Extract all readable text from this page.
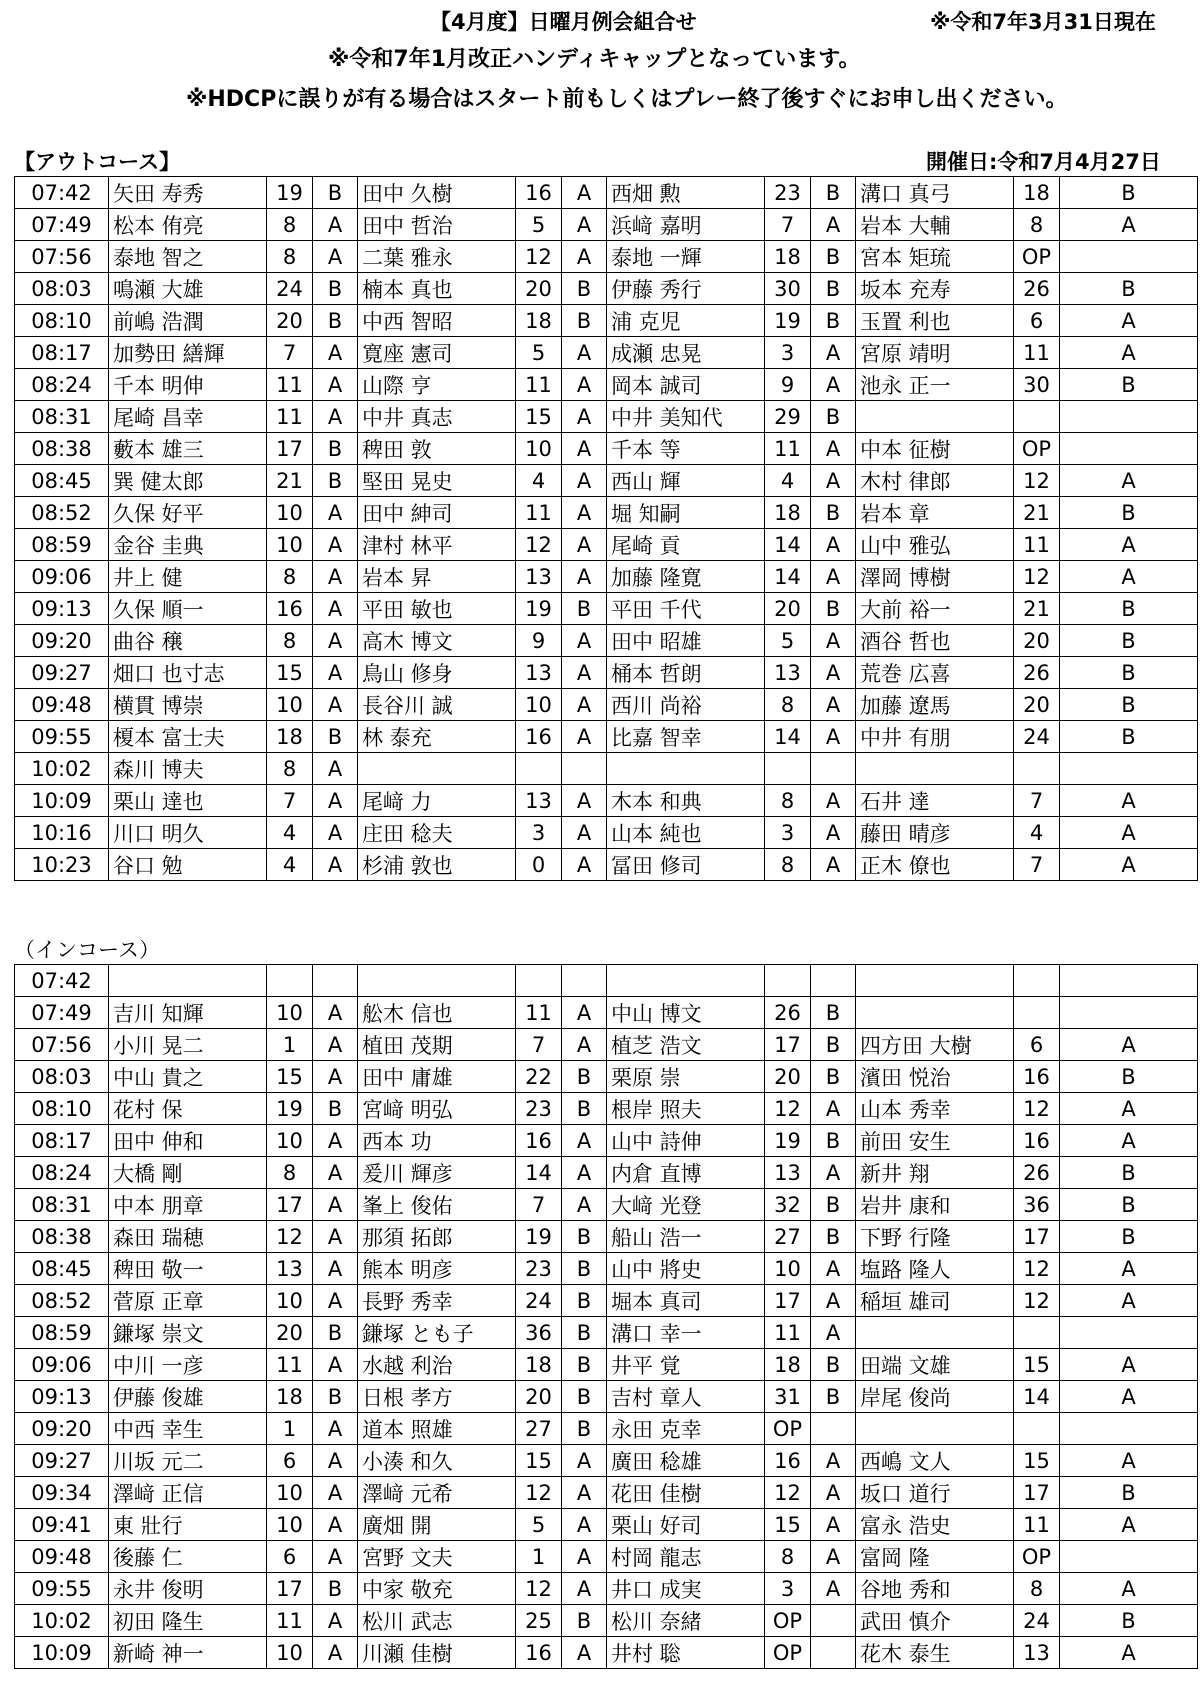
【4月度】日曜月例会組合せ	※令和7年3月31日現在
※令和7年1月改正ハンディキャップとなっています。
※HDCPに誤りが有る場合はスタート前もしくはプレー終了後すぐにお申し出ください。
【アウトコース】	開催日:令和7月4月27日
07:42	矢田 寿秀	19	B	田中 久樹	16	A	西畑 勲	23	B	溝口 真弓	18	B
07:49	松本 侑亮	8	A	田中 哲治	5	A	浜﨑 嘉明	7	A	岩本 大輔	8	A
07:56	泰地 智之	8	A	二葉 雅永	12	A	泰地 一輝	18	B	宮本 矩琉	OP	
08:03	鳴瀬 大雄	24	B	楠本 真也	20	B	伊藤 秀行	30	B	坂本 充寿	26	B
08:10	前嶋 浩潤	20	B	中西 智昭	18	B	浦 克児	19	B	玉置 利也	6	A
08:17	加勢田 繕輝	7	A	寛座 憲司	5	A	成瀬 忠晃	3	A	宮原 靖明	11	A
08:24	千本 明伸	11	A	山際 亨	11	A	岡本 誠司	9	A	池永 正一	30	B
08:31	尾崎 昌幸	11	A	中井 真志	15	A	中井 美知代	29	B			
08:38	藪本 雄三	17	B	稗田 敦	10	A	千本 等	11	A	中本 征樹	OP	
08:45	巽 健太郎	21	B	堅田 晃史	4	A	西山 輝	4	A	木村 律郎	12	A
08:52	久保 好平	10	A	田中 紳司	11	A	堀 知嗣	18	B	岩本 章	21	B
08:59	金谷 圭典	10	A	津村 林平	12	A	尾崎 貢	14	A	山中 雅弘	11	A
09:06	井上 健	8	A	岩本 昇	13	A	加藤 隆寛	14	A	澤岡 博樹	12	A
09:13	久保 順一	16	A	平田 敏也	19	B	平田 千代	20	B	大前 裕一	21	B
09:20	曲谷 穣	8	A	高木 博文	9	A	田中 昭雄	5	A	酒谷 哲也	20	B
09:27	畑口 也寸志	15	A	鳥山 修身	13	A	桶本 哲朗	13	A	荒巻 広喜	26	B
09:48	横貫 博崇	10	A	長谷川 誠	10	A	西川 尚裕	8	A	加藤 遼馬	20	B
09:55	榎本 富士夫	18	B	林 泰充	16	A	比嘉 智幸	14	A	中井 有朋	24	B
10:02	森川 博夫	8	A									
10:09	栗山 達也	7	A	尾﨑 力	13	A	木本 和典	8	A	石井 達	7	A
10:16	川口 明久	4	A	庄田 稔夫	3	A	山本 純也	3	A	藤田 晴彦	4	A
10:23	谷口 勉	4	A	杉浦 敦也	0	A	冨田 修司	8	A	正木 僚也	7	A
（インコース）
07:42												
07:49	吉川 知輝	10	A	舩木 信也	11	A	中山 博文	26	B			
07:56	小川 晃二	1	A	植田 茂期	7	A	植芝 浩文	17	B	四方田 大樹	6	A
08:03	中山 貴之	15	A	田中 庸雄	22	B	栗原 崇	20	B	濱田 悦治	16	B
08:10	花村 保	19	B	宮﨑 明弘	23	B	根岸 照夫	12	A	山本 秀幸	12	A
08:17	田中 伸和	10	A	西本 功	16	A	山中 詩伸	19	B	前田 安生	16	A
08:24	大橋 剛	8	A	爰川 輝彦	14	A	内倉 直博	13	A	新井 翔	26	B
08:31	中本 朋章	17	A	峯上 俊佑	7	A	大﨑 光登	32	B	岩井 康和	36	B
08:38	森田 瑞穂	12	A	那須 拓郎	19	B	船山 浩一	27	B	下野 行隆	17	B
08:45	稗田 敬一	13	A	熊本 明彦	23	B	山中 將史	10	A	塩路 隆人	12	A
08:52	菅原 正章	10	A	長野 秀幸	24	B	堀本 真司	17	A	稲垣 雄司	12	A
08:59	鎌塚 崇文	20	B	鎌塚 とも子	36	B	溝口 幸一	11	A			
09:06	中川 一彦	11	A	水越 利治	18	B	井平 覚	18	B	田端 文雄	15	A
09:13	伊藤 俊雄	18	B	日根 孝方	20	B	吉村 章人	31	B	岸尾 俊尚	14	A
09:20	中西 幸生	1	A	道本 照雄	27	B	永田 克幸	OP				
09:27	川坂 元二	6	A	小湊 和久	15	A	廣田 稔雄	16	A	西嶋 文人	15	A
09:34	澤﨑 正信	10	A	澤﨑 元希	12	A	花田 佳樹	12	A	坂口 道行	17	B
09:41	東 壯行	10	A	廣畑 開	5	A	栗山 好司	15	A	富永 浩史	11	A
09:48	後藤 仁	6	A	宮野 文夫	1	A	村岡 龍志	8	A	富岡 隆	OP	
09:55	永井 俊明	17	B	中家 敬充	12	A	井口 成実	3	A	谷地 秀和	8	A
10:02	初田 隆生	11	A	松川 武志	25	B	松川 奈緒	OP		武田 慎介	24	B
10:09	新崎 神一	10	A	川瀬 佳樹	16	A	井村 聡	OP		花木 泰生	13	A
